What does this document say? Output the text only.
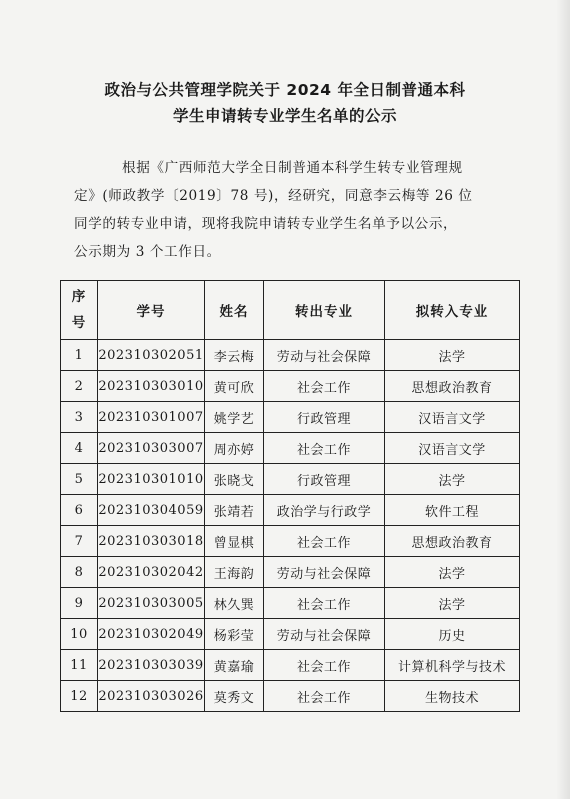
政治与公共管理学院关于 2024 年全日制普通本科
学生申请转专业学生名单的公示
根据《广西师范大学全日制普通本科学生转专业管理规
定》(师政教学〔2019〕78 号)，经研究，同意李云梅等 26 位
同学的转专业申请，现将我院申请转专业学生名单予以公示，
公示期为 3 个工作日。
序
号	学号	姓名	转出专业	拟转入专业
1	202310302051	李云梅	劳动与社会保障	法学
2	202310303010	黄可欣	社会工作	思想政治教育
3	202310301007	姚学艺	行政管理	汉语言文学
4	202310303007	周亦婷	社会工作	汉语言文学
5	202310301010	张晓戈	行政管理	法学
6	202310304059	张靖若	政治学与行政学	软件工程
7	202310303018	曾显棋	社会工作	思想政治教育
8	202310302042	王海韵	劳动与社会保障	法学
9	202310303005	林久巽	社会工作	法学
10	202310302049	杨彩莹	劳动与社会保障	历史
11	202310303039	黄嘉瑜	社会工作	计算机科学与技术
12	202310303026	莫秀文	社会工作	生物技术
